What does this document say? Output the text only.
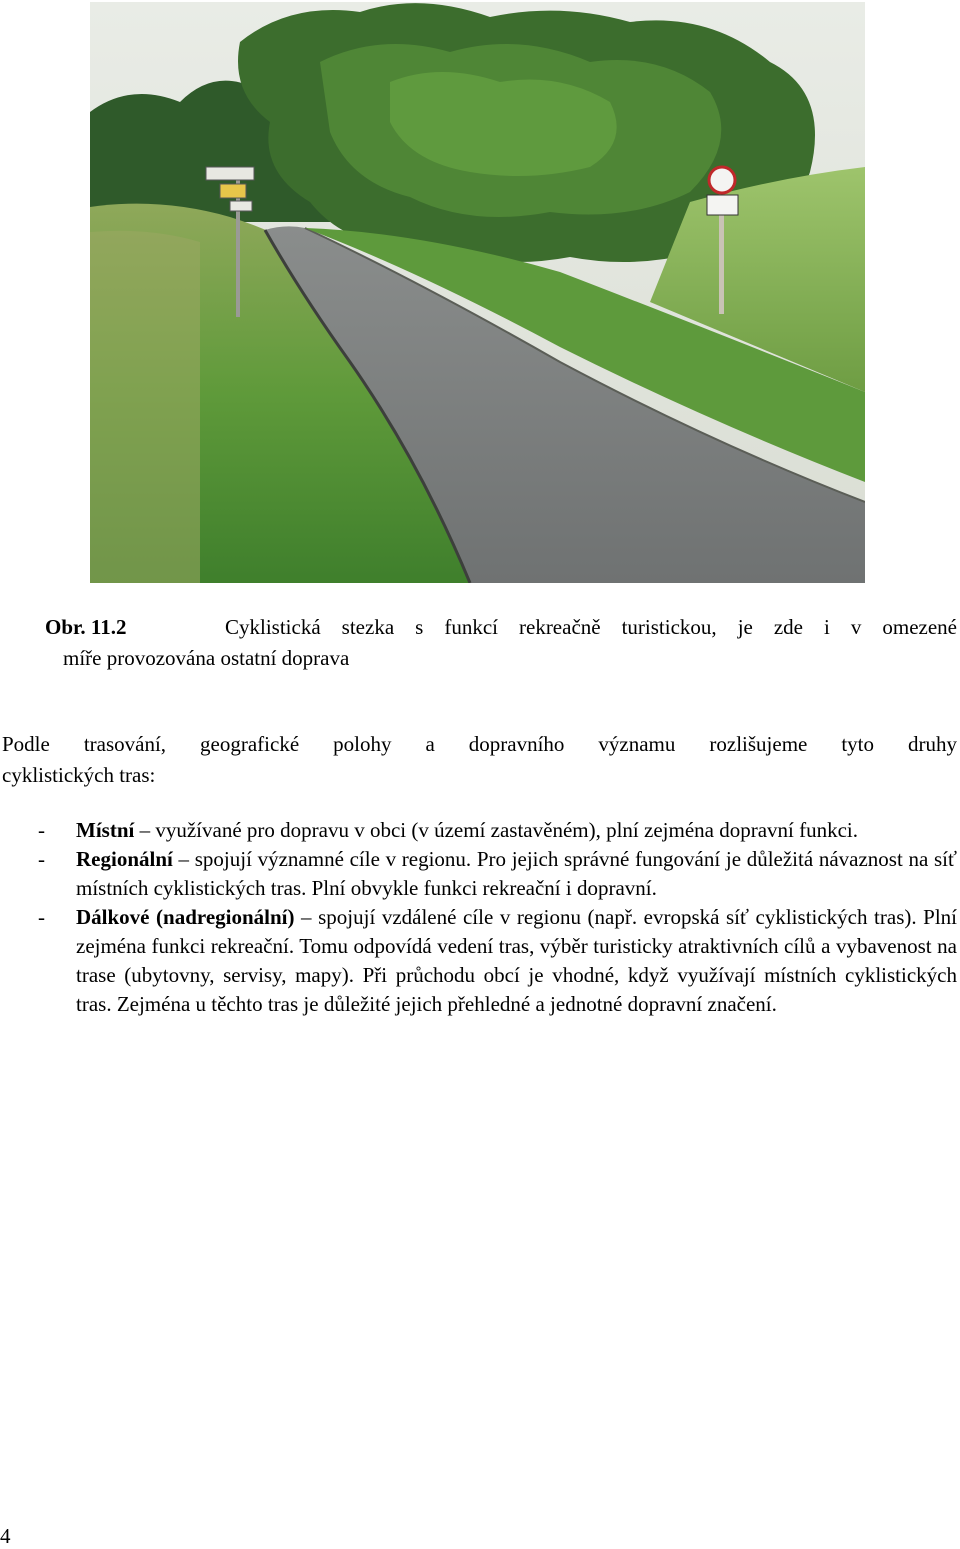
Obr. 11.2	Cyklistická stezka s funkcí rekreačně turistickou, je zde i v omezené
míře provozována ostatní doprava
Podle trasování, geografické polohy a dopravního významu rozlišujeme tyto druhy
cyklistických tras:
- Místní – využívané pro dopravu v obci (v území zastavěném), plní zejména dopravní funkci.
- Regionální – spojují významné cíle v regionu. Pro jejich správné fungování je důležitá návaznost na síť místních cyklistických tras. Plní obvykle funkci rekreační i dopravní.
- Dálkové (nadregionální) – spojují vzdálené cíle v regionu (např. evropská síť cyklistických tras). Plní zejména funkci rekreační. Tomu odpovídá vedení tras, výběr turisticky atraktivních cílů a vybavenost na trase (ubytovny, servisy, mapy). Při průchodu obcí je vhodné, když využívají místních cyklistických tras. Zejména u těchto tras je důležité jejich přehledné a jednotné dopravní značení.
4
